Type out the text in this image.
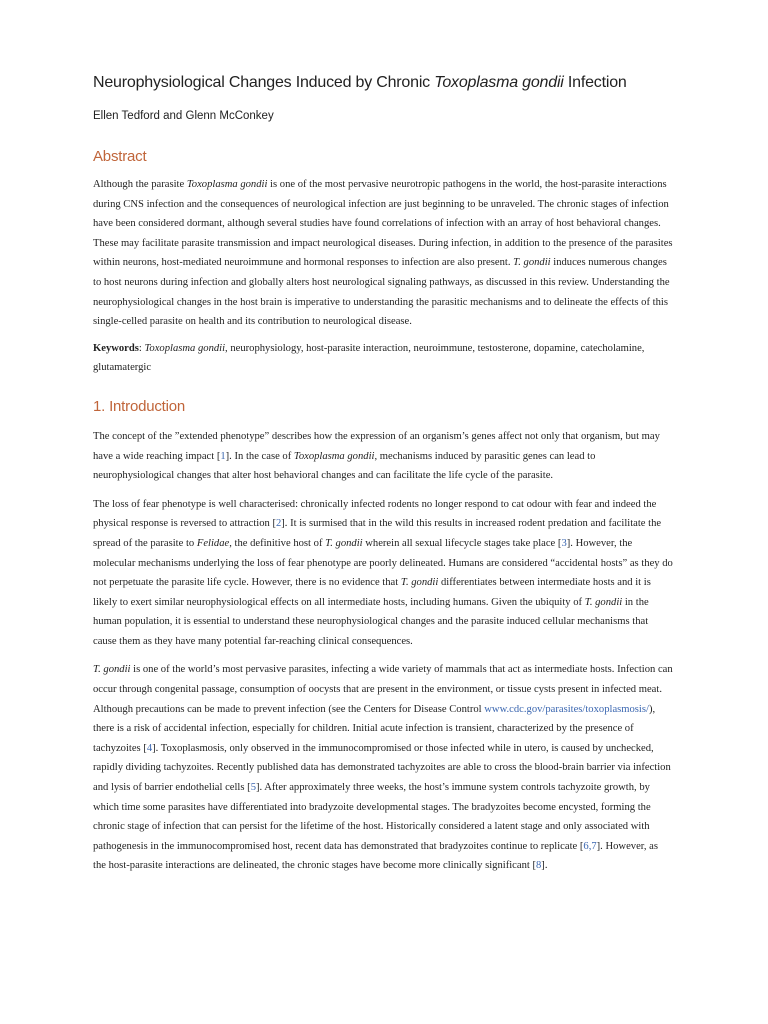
Neurophysiological Changes Induced by Chronic Toxoplasma gondii Infection
Ellen Tedford and Glenn McConkey
Abstract

Although the parasite Toxoplasma gondii is one of the most pervasive neurotropic pathogens in the world, the host-parasite interactions during CNS infection and the consequences of neurological infection are just beginning to be unraveled. The chronic stages of infection have been considered dormant, although several studies have found correlations of infection with an array of host behavioral changes. These may facilitate parasite transmission and impact neurological diseases. During infection, in addition to the presence of the parasites within neurons, host-mediated neuroimmune and hormonal responses to infection are also present. T. gondii induces numerous changes to host neurons during infection and globally alters host neurological signaling pathways, as discussed in this review. Understanding the neurophysiological changes in the host brain is imperative to understanding the parasitic mechanisms and to delineate the effects of this single-celled parasite on health and its contribution to neurological disease.

Keywords: Toxoplasma gondii, neurophysiology, host-parasite interaction, neuroimmune, testosterone, dopamine, catecholamine, glutamatergic

1. Introduction

The concept of the ”extended phenotype” describes how the expression of an organism’s genes affect not only that organism, but may have a wide reaching impact [1]. In the case of Toxoplasma gondii, mechanisms induced by parasitic genes can lead to neurophysiological changes that alter host behavioral changes and can facilitate the life cycle of the parasite.

The loss of fear phenotype is well characterised: chronically infected rodents no longer respond to cat odour with fear and indeed the physical response is reversed to attraction [2]. It is surmised that in the wild this results in increased rodent predation and facilitate the spread of the parasite to Felidae, the definitive host of T. gondii wherein all sexual lifecycle stages take place [3]. However, the molecular mechanisms underlying the loss of fear phenotype are poorly delineated. Humans are considered “accidental hosts” as they do not perpetuate the parasite life cycle. However, there is no evidence that T. gondii differentiates between intermediate hosts and it is likely to exert similar neurophysiological effects on all intermediate hosts, including humans. Given the ubiquity of T. gondii in the human population, it is essential to understand these neurophysiological changes and the parasite induced cellular mechanisms that cause them as they have many potential far-reaching clinical consequences.

T. gondii is one of the world’s most pervasive parasites, infecting a wide variety of mammals that act as intermediate hosts. Infection can occur through congenital passage, consumption of oocysts that are present in the environment, or tissue cysts present in infected meat. Although precautions can be made to prevent infection (see the Centers for Disease Control www.cdc.gov/parasites/toxoplasmosis/), there is a risk of accidental infection, especially for children. Initial acute infection is transient, characterized by the presence of tachyzoites [4]. Toxoplasmosis, only observed in the immunocompromised or those infected while in utero, is caused by unchecked, rapidly dividing tachyzoites. Recently published data has demonstrated tachyzoites are able to cross the blood-brain barrier via infection and lysis of barrier endothelial cells [5]. After approximately three weeks, the host’s immune system controls tachyzoite growth, by which time some parasites have differentiated into bradyzoite developmental stages. The bradyzoites become encysted, forming the chronic stage of infection that can persist for the lifetime of the host. Historically considered a latent stage and only associated with pathogenesis in the immunocompromised host, recent data has demonstrated that bradyzoites continue to replicate [6,7]. However, as the host-parasite interactions are delineated, the chronic stages have become more clinically significant [8].
